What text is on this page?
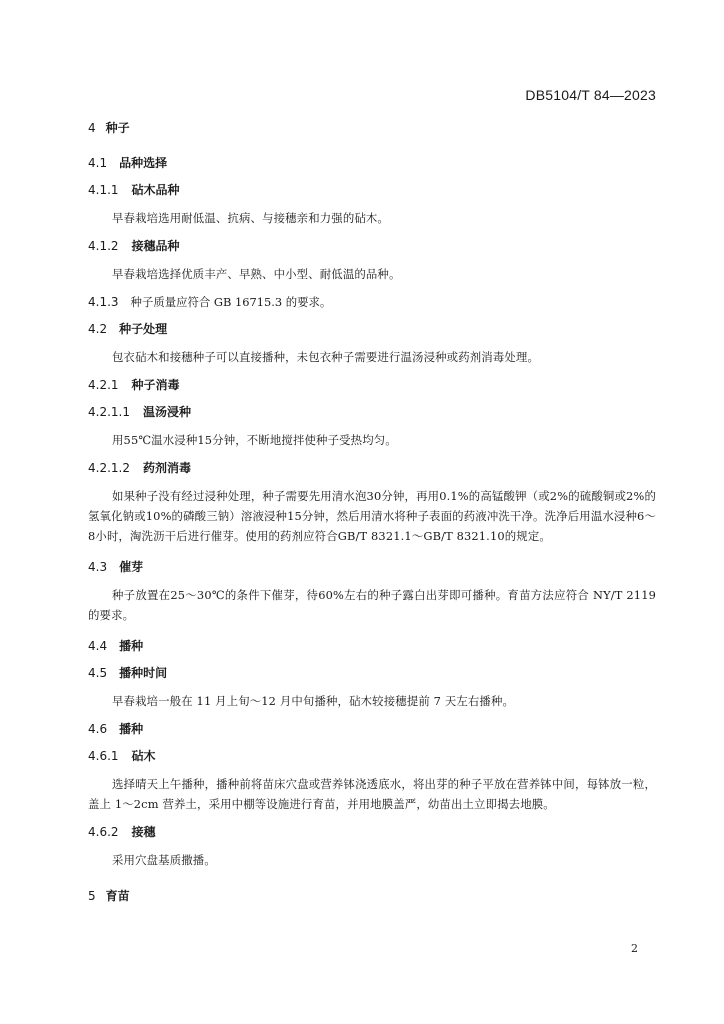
DB5104/T 84—2023
4 种子
4.1 品种选择
4.1.1 砧木品种

早春栽培选用耐低温、抗病、与接穗亲和力强的砧木。

4.1.2 接穗品种

早春栽培选择优质丰产、早熟、中小型、耐低温的品种。

4.1.3 种子质量应符合 GB 16715.3 的要求。
4.2 种子处理

包衣砧木和接穗种子可以直接播种，未包衣种子需要进行温汤浸种或药剂消毒处理。

4.2.1 种子消毒
4.2.1.1 温汤浸种

用55℃温水浸种15分钟，不断地搅拌使种子受热均匀。

4.2.1.2 药剂消毒

如果种子没有经过浸种处理，种子需要先用清水泡30分钟，再用0.1%的高锰酸钾（或2%的硫酸铜或2%的氢氧化钠或10%的磷酸三钠）溶液浸种15分钟，然后用清水将种子表面的药液冲洗干净。洗净后用温水浸种6～8小时，淘洗沥干后进行催芽。使用的药剂应符合GB/T 8321.1～GB/T 8321.10的规定。

4.3 催芽

种子放置在25～30℃的条件下催芽，待60%左右的种子露白出芽即可播种。育苗方法应符合 NY/T 2119 的要求。

4.4 播种
4.5 播种时间

早春栽培一般在 11 月上旬～12 月中旬播种，砧木较接穗提前 7 天左右播种。

4.6 播种
4.6.1 砧木

选择晴天上午播种，播种前将苗床穴盘或营养钵浇透底水，将出芽的种子平放在营养钵中间，每钵放一粒，盖上 1～2cm 营养土，采用中棚等设施进行育苗，并用地膜盖严，幼苗出土立即揭去地膜。

4.6.2 接穗

采用穴盘基质撒播。

5 育苗
2
